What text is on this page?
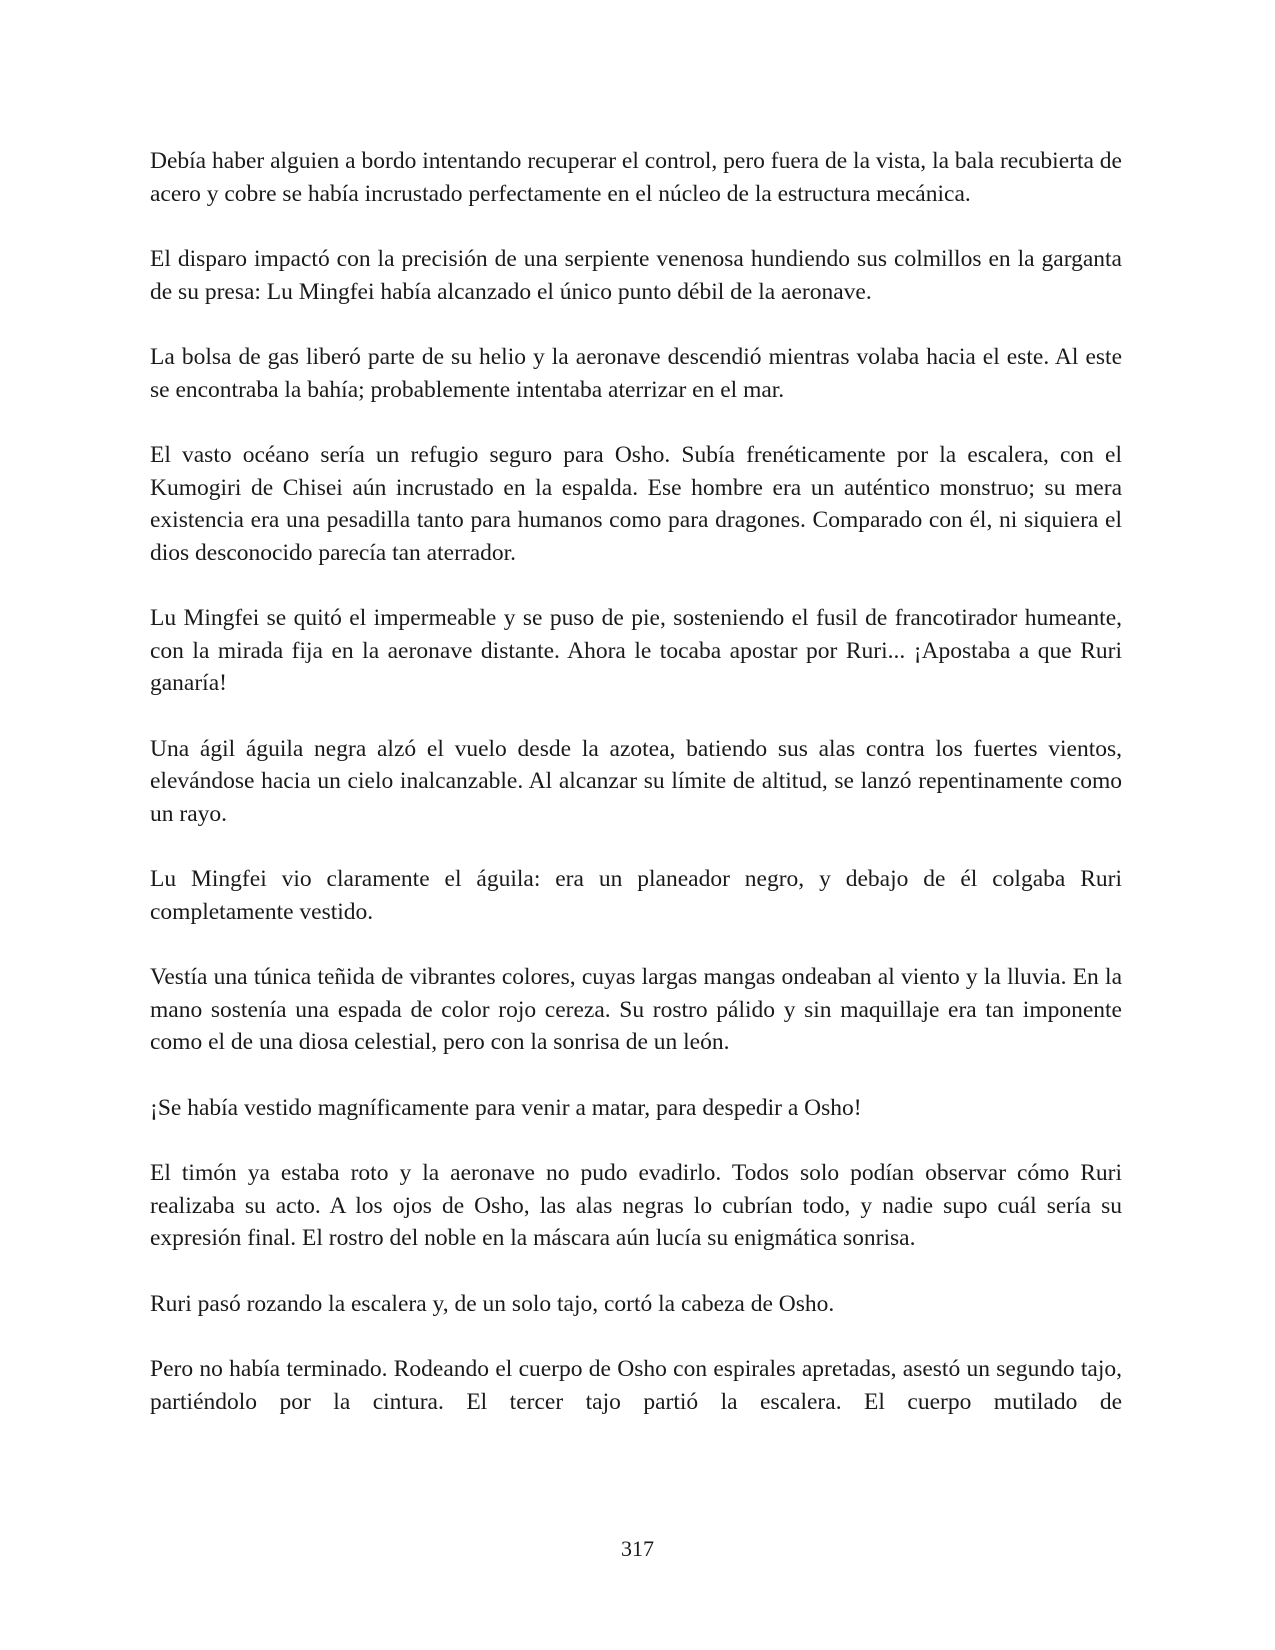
Debía haber alguien a bordo intentando recuperar el control, pero fuera de la vista, la bala recubierta de acero y cobre se había incrustado perfectamente en el núcleo de la estructura mecánica.

El disparo impactó con la precisión de una serpiente venenosa hundiendo sus colmillos en la garganta de su presa: Lu Mingfei había alcanzado el único punto débil de la aeronave.

La bolsa de gas liberó parte de su helio y la aeronave descendió mientras volaba hacia el este. Al este se encontraba la bahía; probablemente intentaba aterrizar en el mar.

El vasto océano sería un refugio seguro para Osho. Subía frenéticamente por la escalera, con el Kumogiri de Chisei aún incrustado en la espalda. Ese hombre era un auténtico monstruo; su mera existencia era una pesadilla tanto para humanos como para dragones. Comparado con él, ni siquiera el dios desconocido parecía tan aterrador.

Lu Mingfei se quitó el impermeable y se puso de pie, sosteniendo el fusil de francotirador humeante, con la mirada fija en la aeronave distante. Ahora le tocaba apostar por Ruri... ¡Apostaba a que Ruri ganaría!

Una ágil águila negra alzó el vuelo desde la azotea, batiendo sus alas contra los fuertes vientos, elevándose hacia un cielo inalcanzable. Al alcanzar su límite de altitud, se lanzó repentinamente como un rayo.

Lu Mingfei vio claramente el águila: era un planeador negro, y debajo de él colgaba Ruri completamente vestido.

Vestía una túnica teñida de vibrantes colores, cuyas largas mangas ondeaban al viento y la lluvia. En la mano sostenía una espada de color rojo cereza. Su rostro pálido y sin maquillaje era tan imponente como el de una diosa celestial, pero con la sonrisa de un león.

¡Se había vestido magníficamente para venir a matar, para despedir a Osho!

El timón ya estaba roto y la aeronave no pudo evadirlo. Todos solo podían observar cómo Ruri realizaba su acto. A los ojos de Osho, las alas negras lo cubrían todo, y nadie supo cuál sería su expresión final. El rostro del noble en la máscara aún lucía su enigmática sonrisa.

Ruri pasó rozando la escalera y, de un solo tajo, cortó la cabeza de Osho.

Pero no había terminado. Rodeando el cuerpo de Osho con espirales apretadas, asestó un segundo tajo, partiéndolo por la cintura. El tercer tajo partió la escalera. El cuerpo mutilado de

317
